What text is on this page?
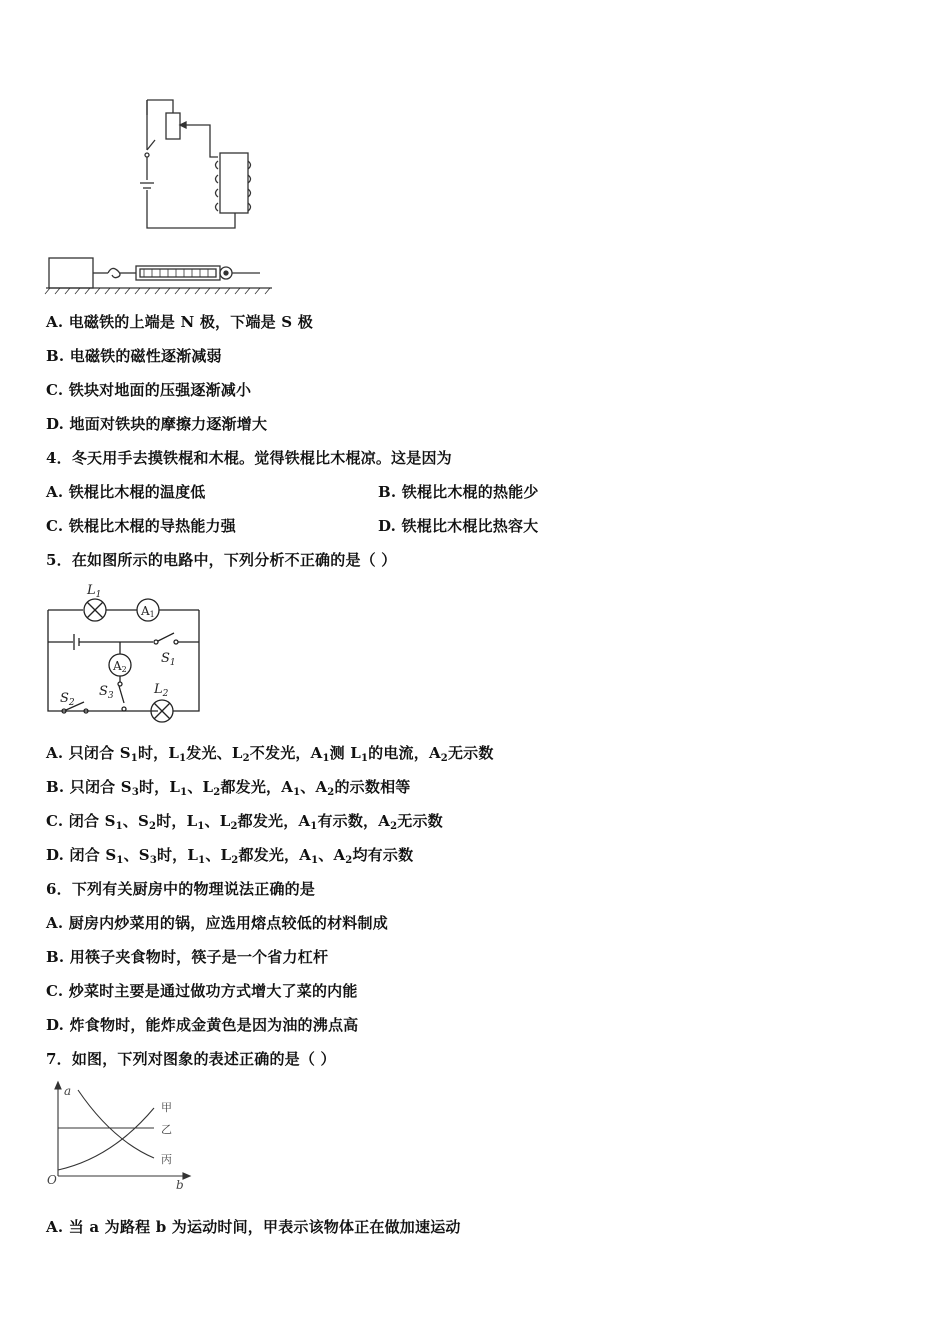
A. 电磁铁的上端是 N 极，下端是 S 极
B. 电磁铁的磁性逐渐减弱
C. 铁块对地面的压强逐渐减小
D. 地面对铁块的摩擦力逐渐增大
4．冬天用手去摸铁棍和木棍。觉得铁棍比木棍凉。这是因为
A. 铁棍比木棍的温度低	B. 铁棍比木棍的热能少
C. 铁棍比木棍的导热能力强	D. 铁棍比木棍比热容大
5．在如图所示的电路中，下列分析不正确的是（ ）
$L_1$
A1
A2
$S_1$
$S_2$
$S_3$	$L_2$
A. 只闭合 $S_1$时，$L_1$发光、$L_2$不发光，$A_1$测 $L_1$的电流，$A_2$无示数
B. 只闭合 $S_3$时，$L_1$、$L_2$都发光，$A_1$、$A_2$的示数相等
C. 闭合 $S_1$、$S_2$时，$L_1$、$L_2$都发光，$A_1$有示数，$A_2$无示数
D. 闭合 $S_1$、$S_3$时，$L_1$、$L_2$都发光，$A_1$、$A_2$均有示数
6．下列有关厨房中的物理说法正确的是
A. 厨房内炒菜用的锅，应选用熔点较低的材料制成
B. 用筷子夹食物时，筷子是一个省力杠杆
C. 炒菜时主要是通过做功方式增大了菜的内能
D. 炸食物时，能炸成金黄色是因为油的沸点高
7．如图，下列对图象的表述正确的是（ ）
a
b
O
甲
乙
丙
A. 当 a 为路程 b 为运动时间，甲表示该物体正在做加速运动
